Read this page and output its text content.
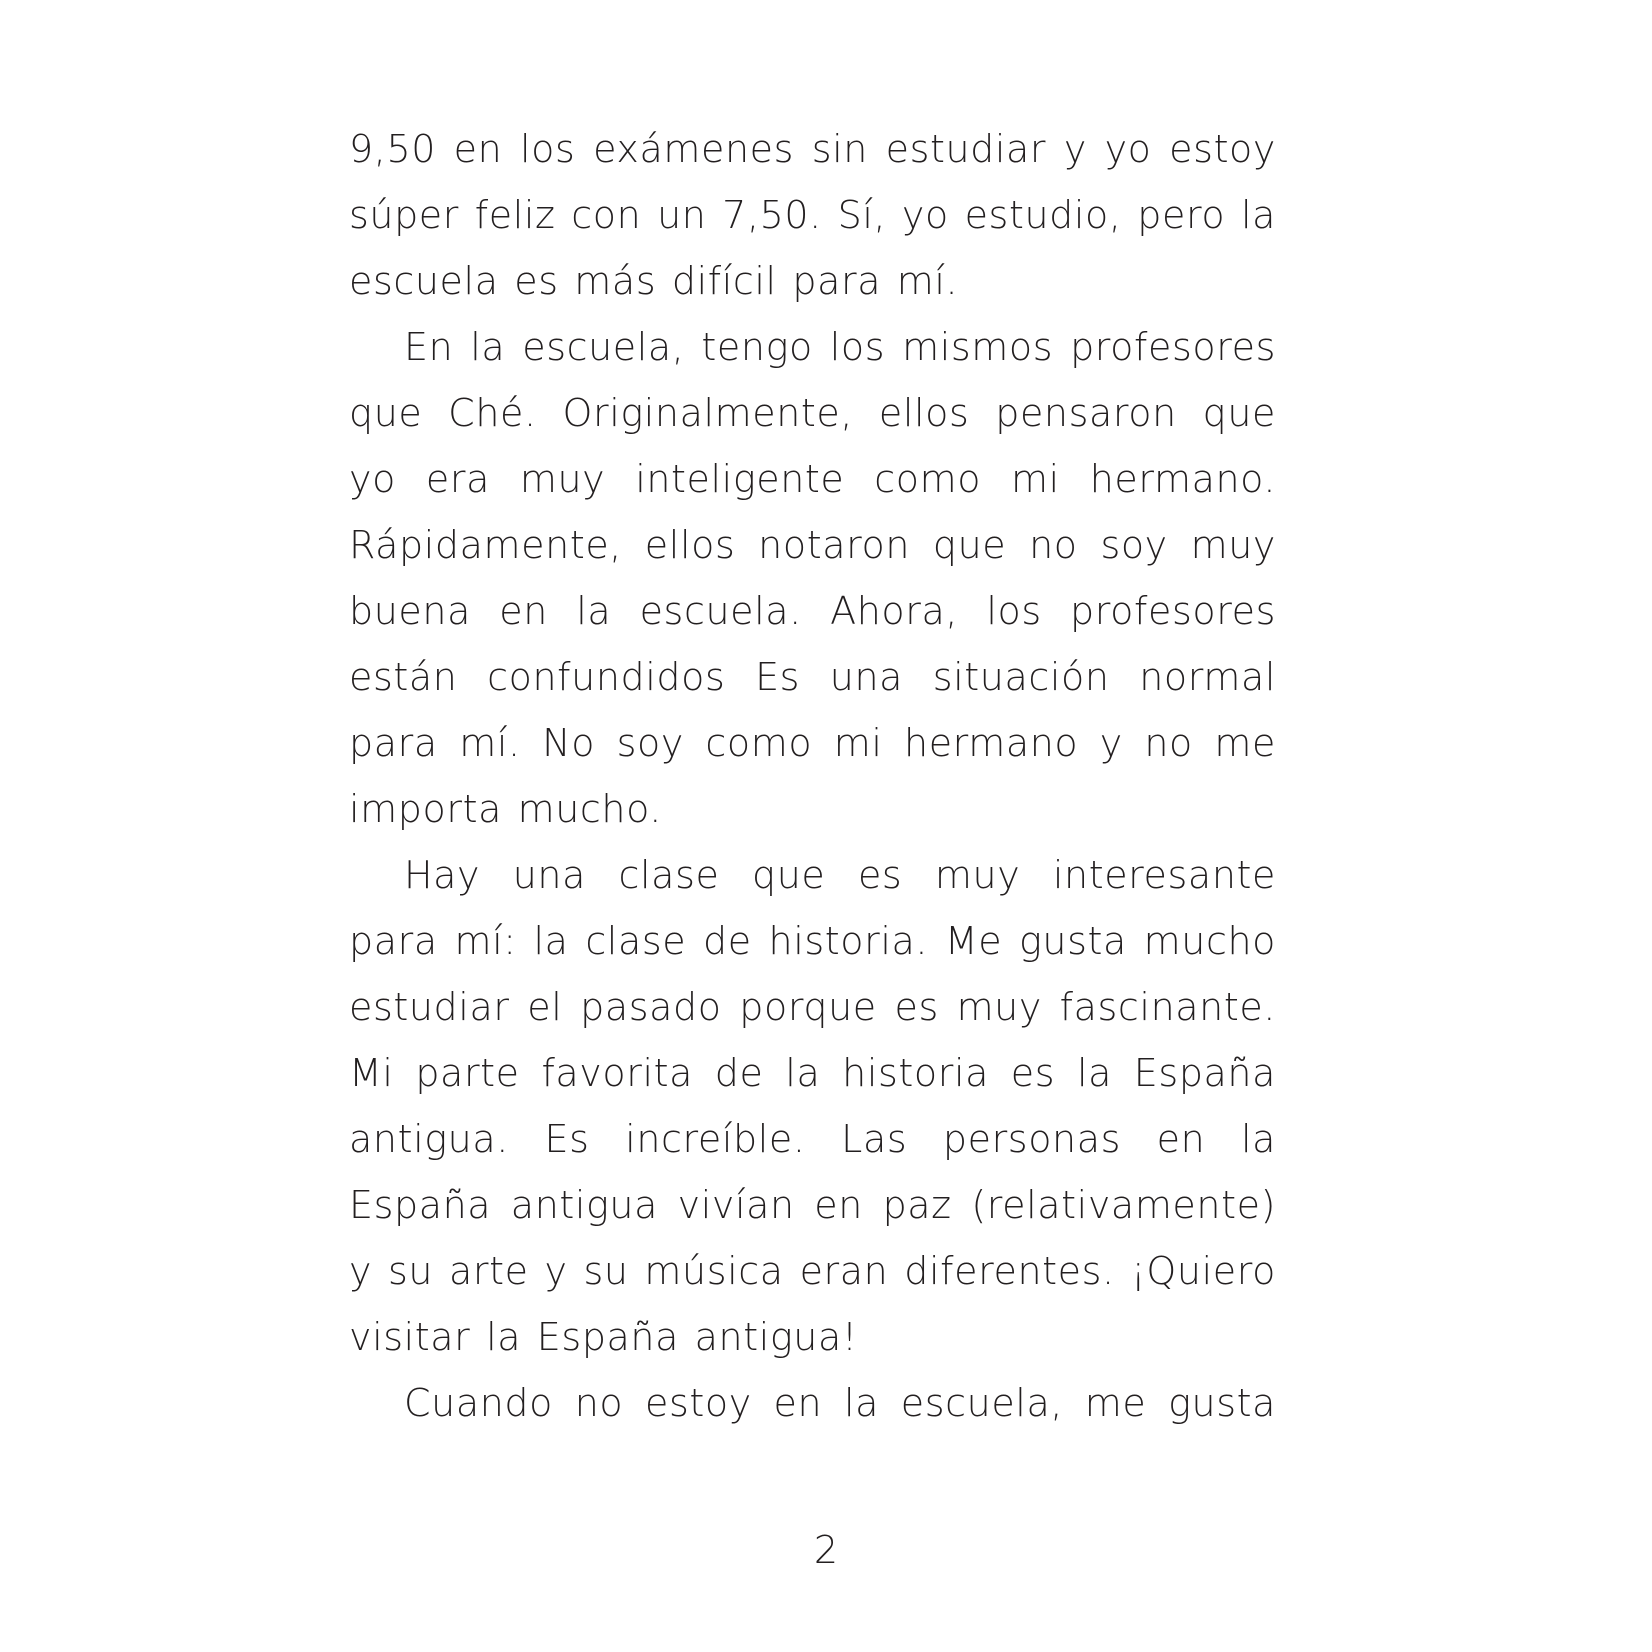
9,50 en los exámenes sin estudiar y yo estoy
súper feliz con un 7,50. Sí, yo estudio, pero la
escuela es más difícil para mí.
En la escuela, tengo los mismos profesores
que Ché. Originalmente, ellos pensaron que
yo era muy inteligente como mi hermano.
Rápidamente, ellos notaron que no soy muy
buena en la escuela. Ahora, los profesores
están confundidos Es una situación normal
para mí. No soy como mi hermano y no me
importa mucho.
Hay una clase que es muy interesante
para mí: la clase de historia. Me gusta mucho
estudiar el pasado porque es muy fascinante.
Mi parte favorita de la historia es la España
antigua. Es increíble. Las personas en la
España antigua vivían en paz (relativamente)
y su arte y su música eran diferentes. ¡Quiero
visitar la España antigua!
Cuando no estoy en la escuela, me gusta
2
